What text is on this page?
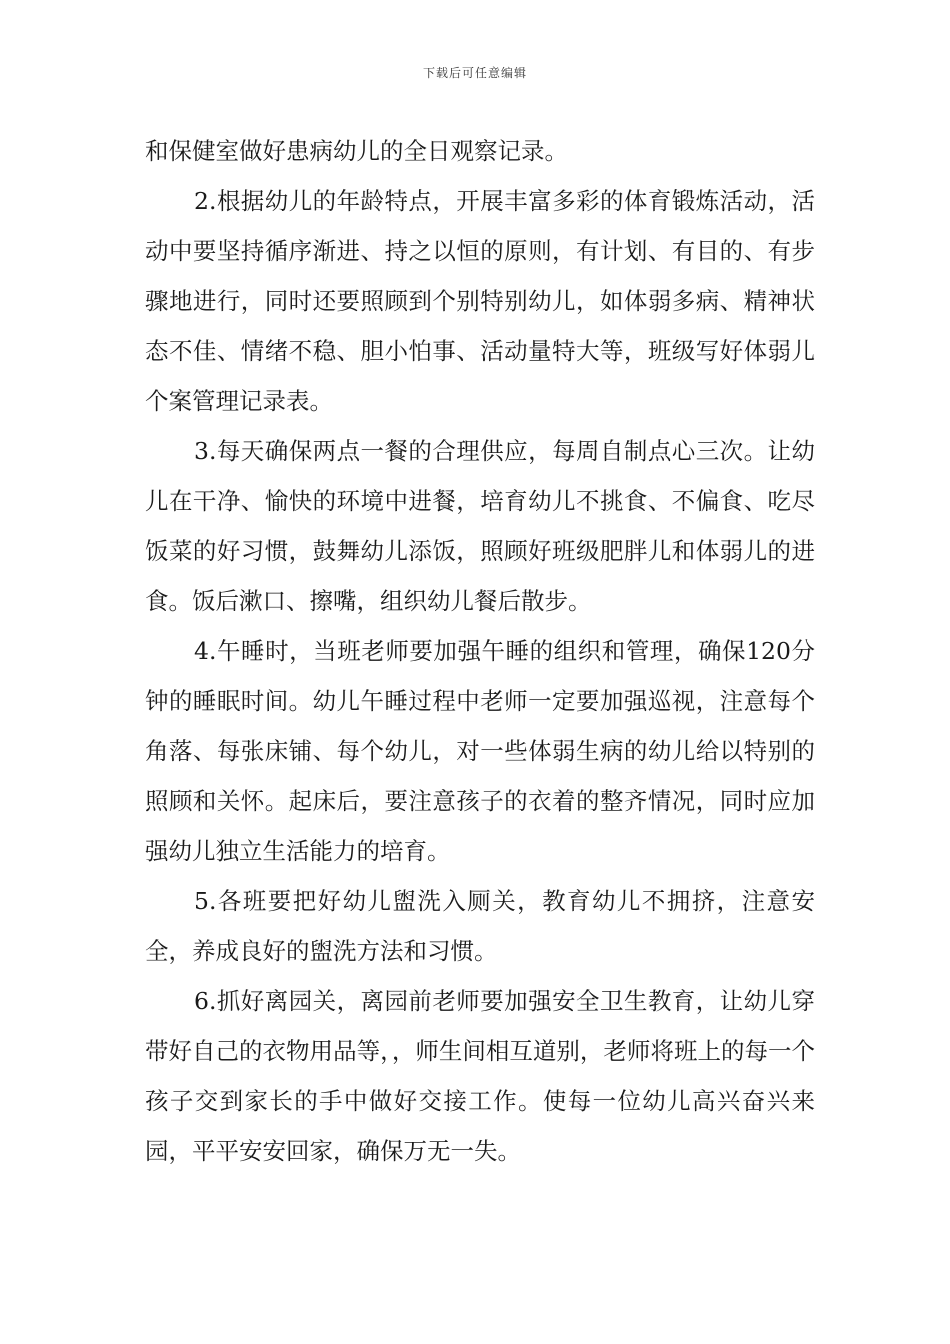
下载后可任意编辑

和保健室做好患病幼儿的全日观察记录。

2.根据幼儿的年龄特点，开展丰富多彩的体育锻炼活动，活动中要坚持循序渐进、持之以恒的原则，有计划、有目的、有步骤地进行，同时还要照顾到个别特别幼儿，如体弱多病、精神状态不佳、情绪不稳、胆小怕事、活动量特大等，班级写好体弱儿个案管理记录表。

3.每天确保两点一餐的合理供应，每周自制点心三次。让幼儿在干净、愉快的环境中进餐，培育幼儿不挑食、不偏食、吃尽饭菜的好习惯，鼓舞幼儿添饭，照顾好班级肥胖儿和体弱儿的进食。饭后漱口、擦嘴，组织幼儿餐后散步。

4.午睡时，当班老师要加强午睡的组织和管理，确保120分钟的睡眠时间。幼儿午睡过程中老师一定要加强巡视，注意每个角落、每张床铺、每个幼儿，对一些体弱生病的幼儿给以特别的照顾和关怀。起床后，要注意孩子的衣着的整齐情况，同时应加强幼儿独立生活能力的培育。

5.各班要把好幼儿盥洗入厕关，教育幼儿不拥挤，注意安全，养成良好的盥洗方法和习惯。

6.抓好离园关，离园前老师要加强安全卫生教育，让幼儿穿带好自己的衣物用品等，，师生间相互道别，老师将班上的每一个孩子交到家长的手中做好交接工作。使每一位幼儿高兴奋兴来园，平平安安回家，确保万无一失。
